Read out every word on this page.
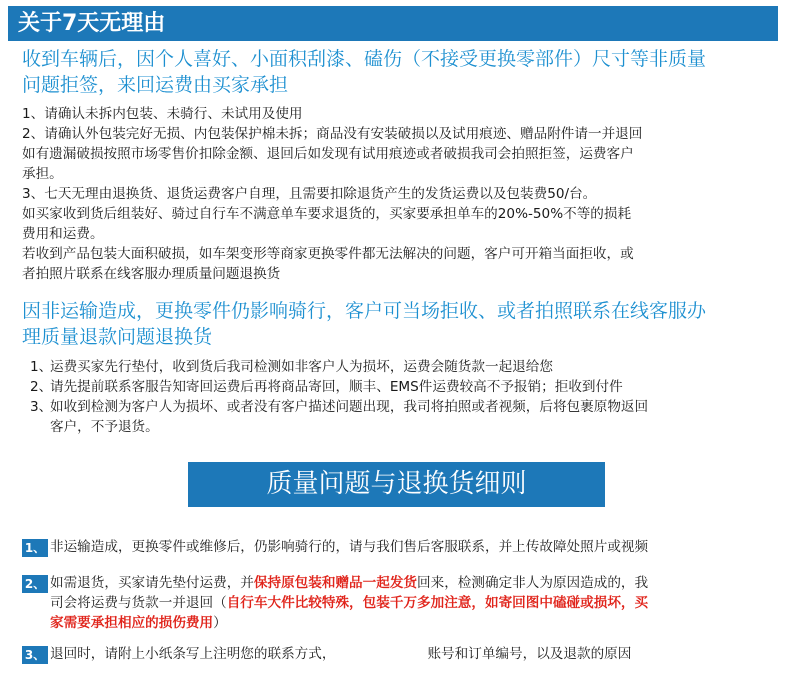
关于7天无理由
收到车辆后，因个人喜好、小面积刮漆、磕伤（不接受更换零部件）尺寸等非质量
问题拒签，来回运费由买家承担
1、请确认未拆内包装、未骑行、未试用及使用
2、请确认外包装完好无损、内包装保护棉未拆；商品没有安装破损以及试用痕迹、赠品附件请一并退回
如有遗漏破损按照市场零售价扣除金额、退回后如发现有试用痕迹或者破损我司会拍照拒签，运费客户
承担。
3、七天无理由退换货、退货运费客户自理，且需要扣除退货产生的发货运费以及包装费50/台。
如买家收到货后组装好、骑过自行车不满意单车要求退货的，买家要承担单车的20%-50%不等的损耗
费用和运费。
若收到产品包装大面积破损，如车架变形等商家更换零件都无法解决的问题，客户可开箱当面拒收，或
者拍照片联系在线客服办理质量问题退换货
因非运输造成，更换零件仍影响骑行，客户可当场拒收、或者拍照联系在线客服办
理质量退款问题退换货
1、
运费买家先行垫付，收到货后我司检测如非客户人为损坏，运费会随货款一起退给您
2、
请先提前联系客服告知寄回运费后再将商品寄回，顺丰、EMS件运费较高不予报销；拒收到付件
3、
如收到检测为客户人为损坏、或者没有客户描述问题出现，我司将拍照或者视频，后将包裹原物返回
客户，不予退货。
质量问题与退换货细则
1、 非运输造成，更换零件或维修后，仍影响骑行的，请与我们售后客服联系，并上传故障处照片或视频
2、 如需退货，买家请先垫付运费，并保持原包装和赠品一起发货回来，检测确定非人为原因造成的，我
司会将运费与货款一并退回（自行车大件比较特殊，包装千万多加注意，如寄回图中磕碰或损坏，买
家需要承担相应的损伤费用）
3、 退回时，请附上小纸条写上注明您的联系方式，	账号和订单编号，以及退款的原因
